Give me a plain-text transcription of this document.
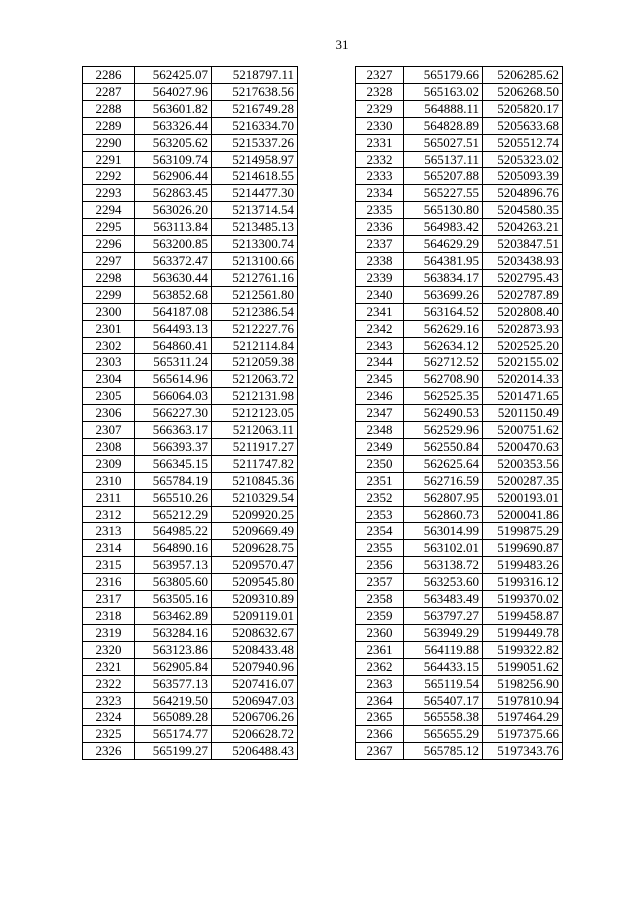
31
2286	562425.07	5218797.11
2287	564027.96	5217638.56
2288	563601.82	5216749.28
2289	563326.44	5216334.70
2290	563205.62	5215337.26
2291	563109.74	5214958.97
2292	562906.44	5214618.55
2293	562863.45	5214477.30
2294	563026.20	5213714.54
2295	563113.84	5213485.13
2296	563200.85	5213300.74
2297	563372.47	5213100.66
2298	563630.44	5212761.16
2299	563852.68	5212561.80
2300	564187.08	5212386.54
2301	564493.13	5212227.76
2302	564860.41	5212114.84
2303	565311.24	5212059.38
2304	565614.96	5212063.72
2305	566064.03	5212131.98
2306	566227.30	5212123.05
2307	566363.17	5212063.11
2308	566393.37	5211917.27
2309	566345.15	5211747.82
2310	565784.19	5210845.36
2311	565510.26	5210329.54
2312	565212.29	5209920.25
2313	564985.22	5209669.49
2314	564890.16	5209628.75
2315	563957.13	5209570.47
2316	563805.60	5209545.80
2317	563505.16	5209310.89
2318	563462.89	5209119.01
2319	563284.16	5208632.67
2320	563123.86	5208433.48
2321	562905.84	5207940.96
2322	563577.13	5207416.07
2323	564219.50	5206947.03
2324	565089.28	5206706.26
2325	565174.77	5206628.72
2326	565199.27	5206488.43
2327	565179.66	5206285.62
2328	565163.02	5206268.50
2329	564888.11	5205820.17
2330	564828.89	5205633.68
2331	565027.51	5205512.74
2332	565137.11	5205323.02
2333	565207.88	5205093.39
2334	565227.55	5204896.76
2335	565130.80	5204580.35
2336	564983.42	5204263.21
2337	564629.29	5203847.51
2338	564381.95	5203438.93
2339	563834.17	5202795.43
2340	563699.26	5202787.89
2341	563164.52	5202808.40
2342	562629.16	5202873.93
2343	562634.12	5202525.20
2344	562712.52	5202155.02
2345	562708.90	5202014.33
2346	562525.35	5201471.65
2347	562490.53	5201150.49
2348	562529.96	5200751.62
2349	562550.84	5200470.63
2350	562625.64	5200353.56
2351	562716.59	5200287.35
2352	562807.95	5200193.01
2353	562860.73	5200041.86
2354	563014.99	5199875.29
2355	563102.01	5199690.87
2356	563138.72	5199483.26
2357	563253.60	5199316.12
2358	563483.49	5199370.02
2359	563797.27	5199458.87
2360	563949.29	5199449.78
2361	564119.88	5199322.82
2362	564433.15	5199051.62
2363	565119.54	5198256.90
2364	565407.17	5197810.94
2365	565558.38	5197464.29
2366	565655.29	5197375.66
2367	565785.12	5197343.76
